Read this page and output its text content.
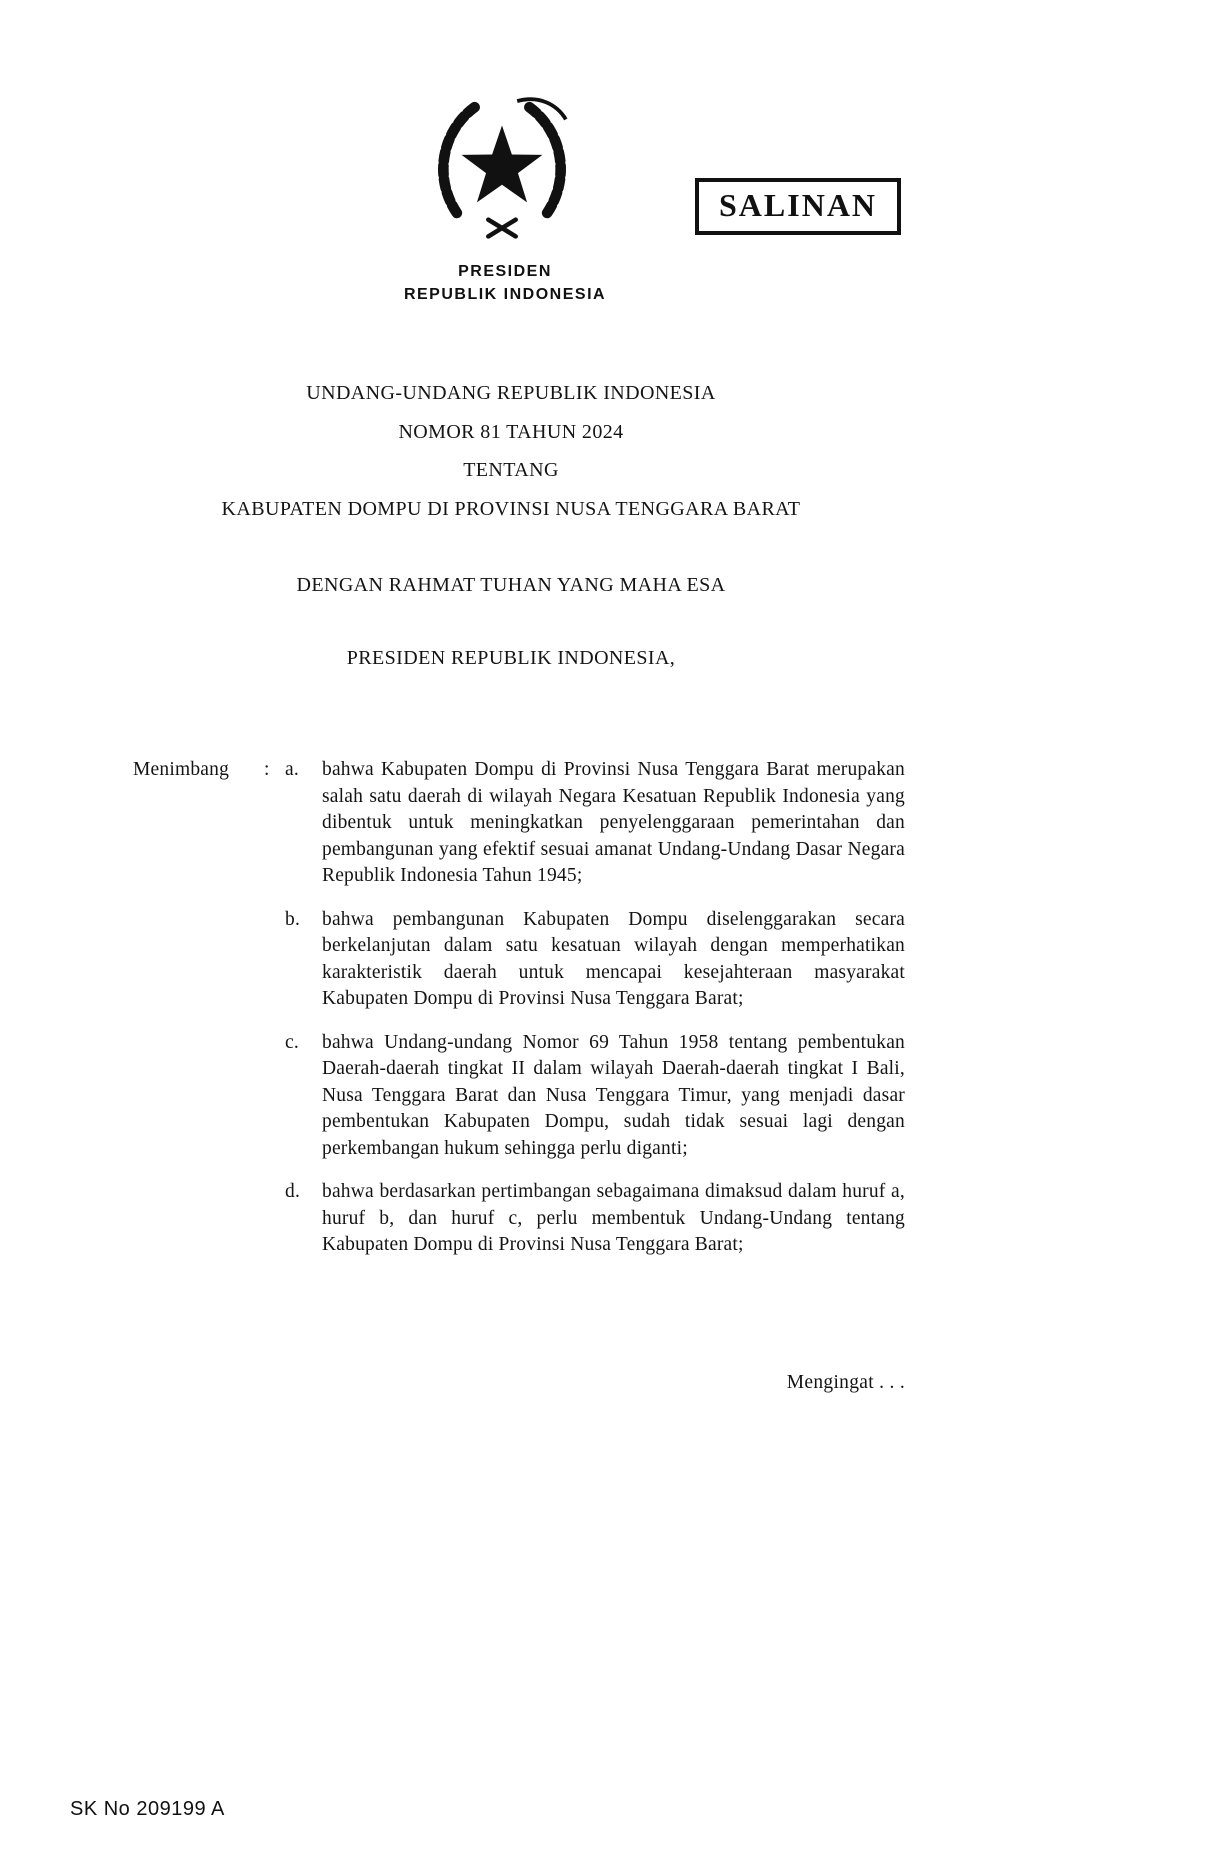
SALINAN
PRESIDEN
REPUBLIK INDONESIA
UNDANG-UNDANG REPUBLIK INDONESIA
NOMOR 81 TAHUN 2024
TENTANG
KABUPATEN DOMPU DI PROVINSI NUSA TENGGARA BARAT
DENGAN RAHMAT TUHAN YANG MAHA ESA
PRESIDEN REPUBLIK INDONESIA,
Menimbang	: a.	bahwa Kabupaten Dompu di Provinsi Nusa Tenggara Barat merupakan salah satu daerah di wilayah Negara Kesatuan Republik Indonesia yang dibentuk untuk meningkatkan penyelenggaraan pemerintahan dan pembangunan yang efektif sesuai amanat Undang-Undang Dasar Negara Republik Indonesia Tahun 1945;
b.	bahwa pembangunan Kabupaten Dompu diselenggarakan secara berkelanjutan dalam satu kesatuan wilayah dengan memperhatikan karakteristik daerah untuk mencapai kesejahteraan masyarakat Kabupaten Dompu di Provinsi Nusa Tenggara Barat;
c.	bahwa Undang-undang Nomor 69 Tahun 1958 tentang pembentukan Daerah-daerah tingkat II dalam wilayah Daerah-daerah tingkat I Bali, Nusa Tenggara Barat dan Nusa Tenggara Timur, yang menjadi dasar pembentukan Kabupaten Dompu, sudah tidak sesuai lagi dengan perkembangan hukum sehingga perlu diganti;
d.	bahwa berdasarkan pertimbangan sebagaimana dimaksud dalam huruf a, huruf b, dan huruf c, perlu membentuk Undang-Undang tentang Kabupaten Dompu di Provinsi Nusa Tenggara Barat;
Mengingat . . .
SK No 209199 A
